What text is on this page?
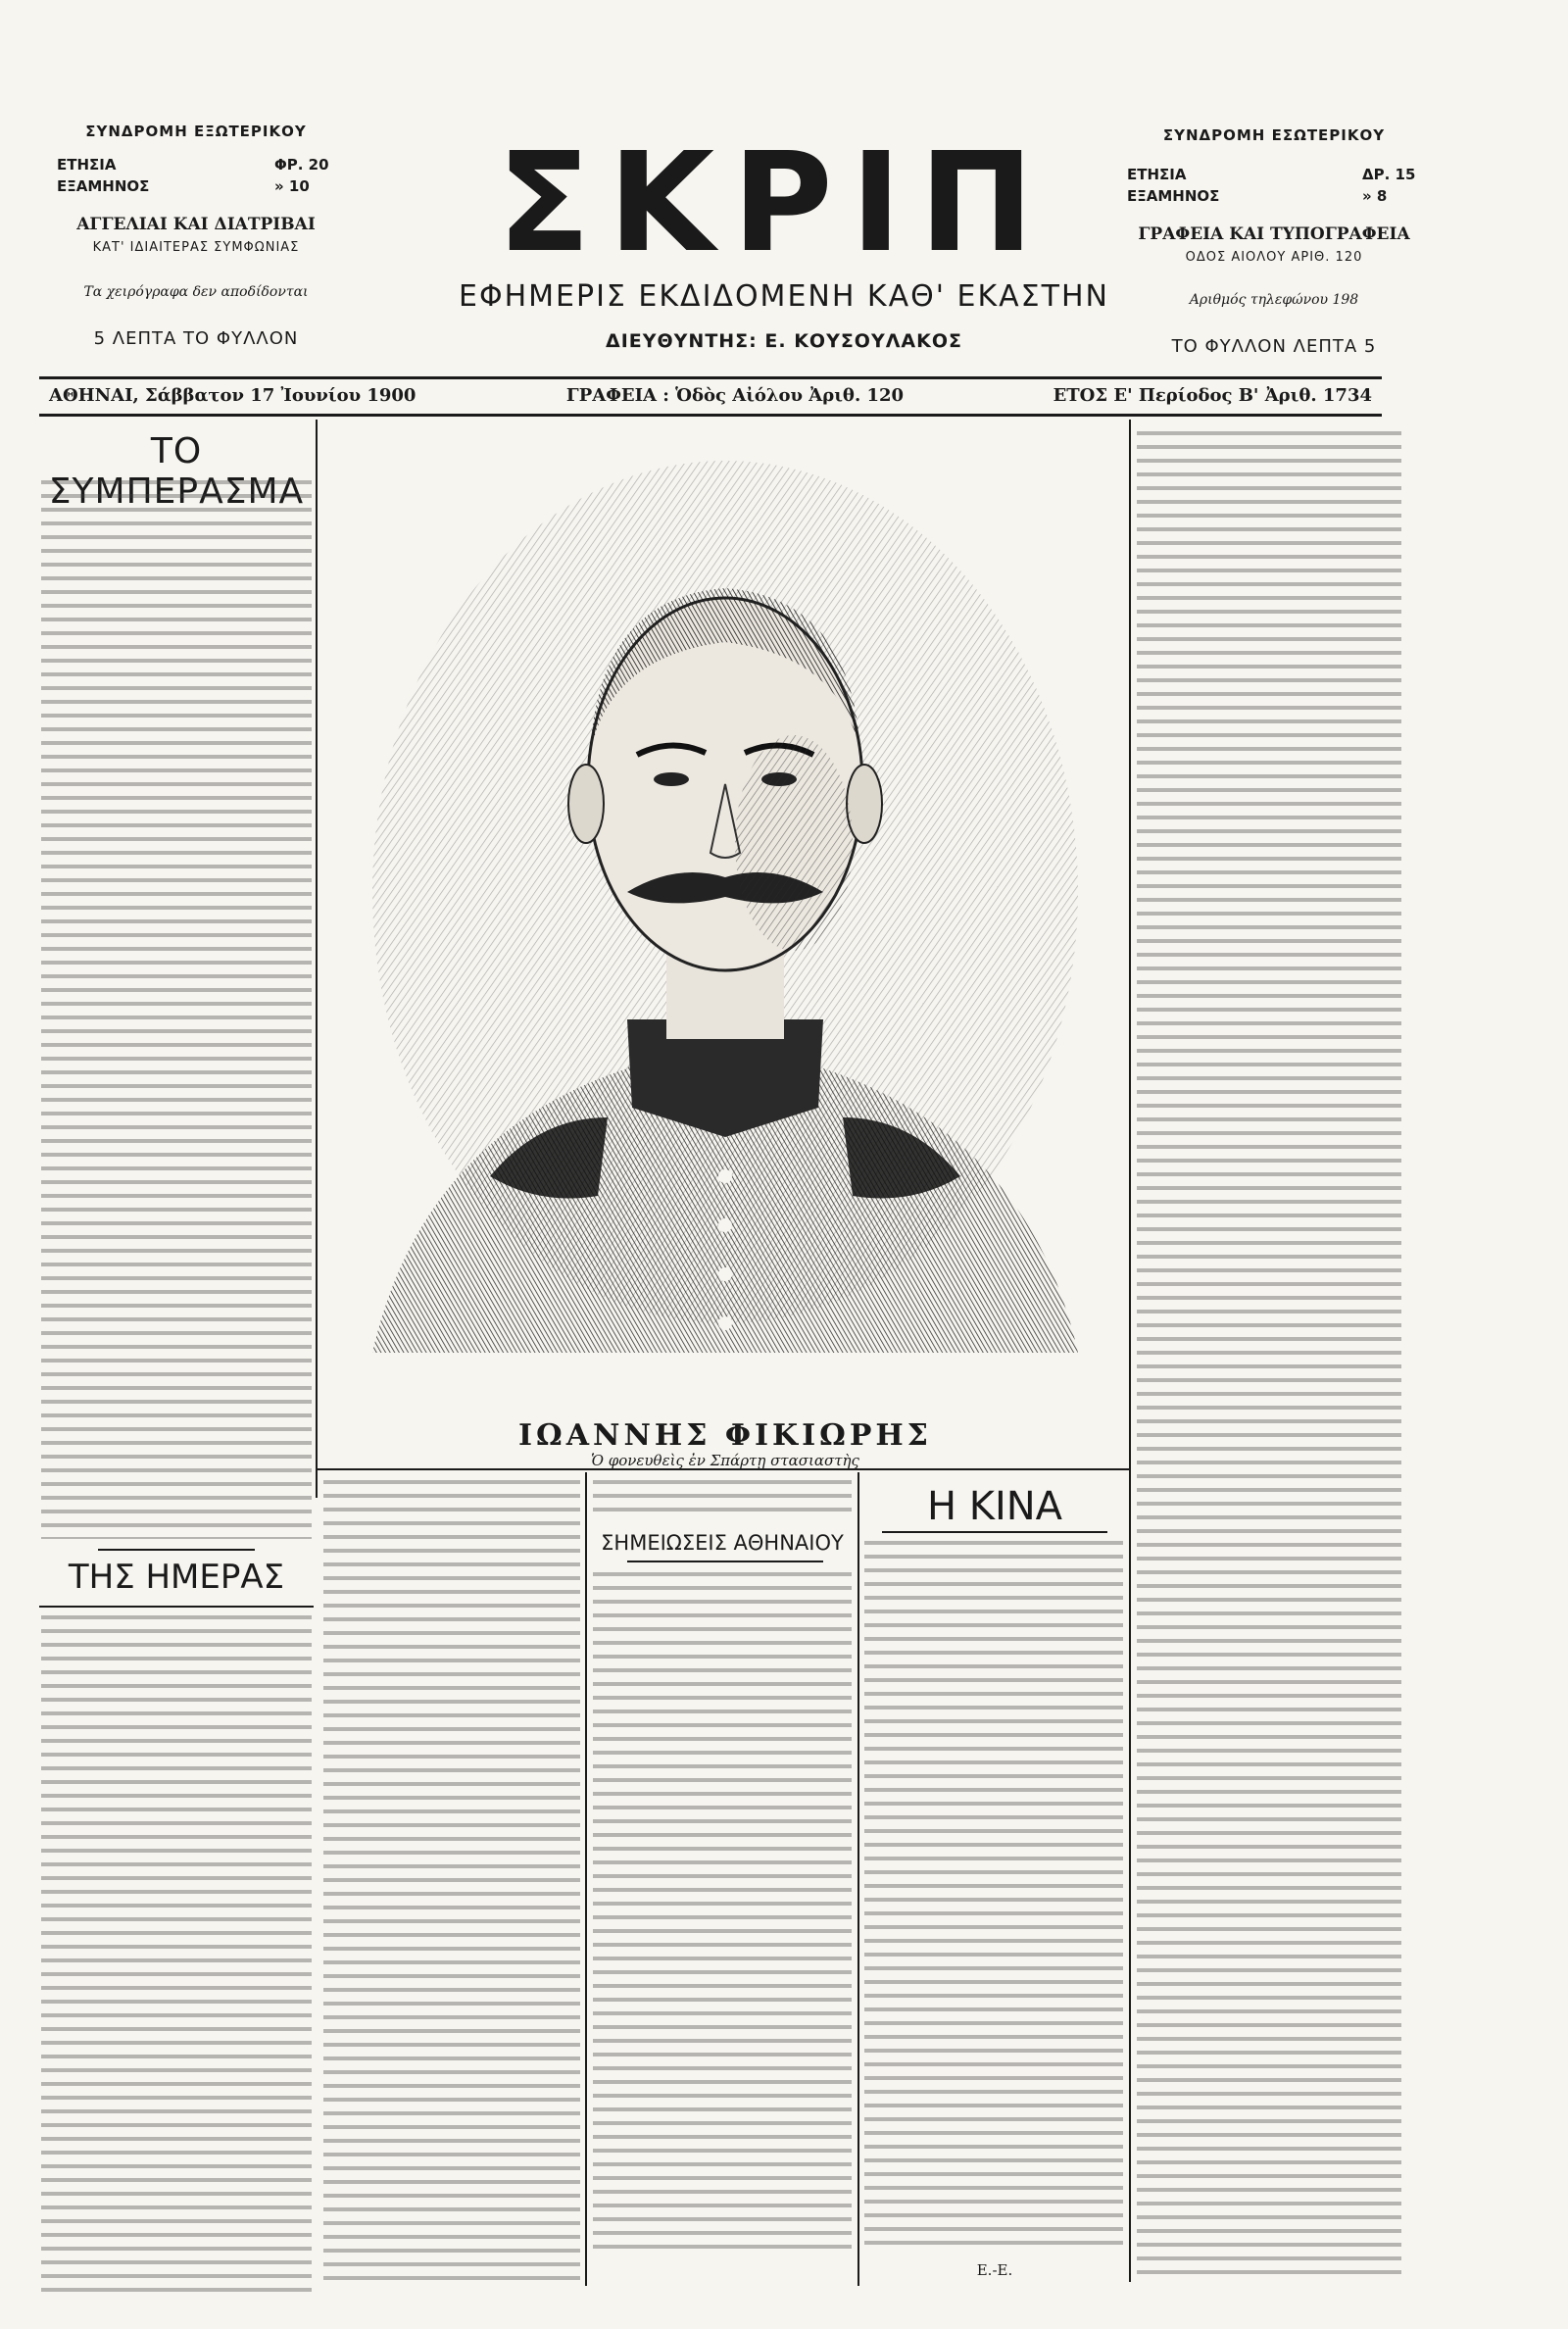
ΣΥΝΔΡΟΜΗ ΕΞΩΤΕΡΙΚΟΥ
ΕΤΗΣΙΑ	ΦΡ. 20
ΕΞΑΜΗΝΟΣ	» 10
ΑΓΓΕΛΙΑΙ ΚΑΙ ΔΙΑΤΡΙΒΑΙ
ΚΑΤ' ΙΔΙΑΙΤΕΡΑΣ ΣΥΜΦΩΝΙΑΣ
Τα χειρόγραφα δεν αποδίδονται
5 ΛΕΠΤΑ ΤΟ ΦΥΛΛΟΝ
ΣΚΡΙΠ
ΕΦΗΜΕΡΙΣ ΕΚΔΙΔΟΜΕΝΗ ΚΑΘ' ΕΚΑΣΤΗΝ
ΔΙΕΥΘΥΝΤΗΣ: Ε. ΚΟΥΣΟΥΛΑΚΟΣ
ΣΥΝΔΡΟΜΗ ΕΣΩΤΕΡΙΚΟΥ
ΕΤΗΣΙΑ	ΔΡ. 15
ΕΞΑΜΗΝΟΣ	» 8
ΓΡΑΦΕΙΑ ΚΑΙ ΤΥΠΟΓΡΑΦΕΙΑ
ΟΔΟΣ ΑΙΟΛΟΥ ΑΡΙΘ. 120
Αριθμός τηλεφώνου 198
ΤΟ ΦΥΛΛΟΝ ΛΕΠΤΑ 5
ΑΘΗΝΑΙ, Σάββατον 17 Ἰουνίου 1900	ΓΡΑΦΕΙΑ : Ὁδὸς Αἰόλου Ἀριθ. 120	ΕΤΟΣ Ε' Περίοδος Β' Ἀριθ. 1734
ΤΟ ΣΥΜΠΕΡΑΣΜΑ
ΤΗΣ ΗΜΕΡΑΣ
ΙΩΑΝΝΗΣ ΦΙΚΙΩΡΗΣ
Ὁ φονευθεὶς ἐν Σπάρτῃ στασιαστὴς
ΣΗΜΕΙΩΣΕΙΣ ΑΘΗΝΑΙΟΥ
Η ΚΙΝΑ
Ε.-Ε.
